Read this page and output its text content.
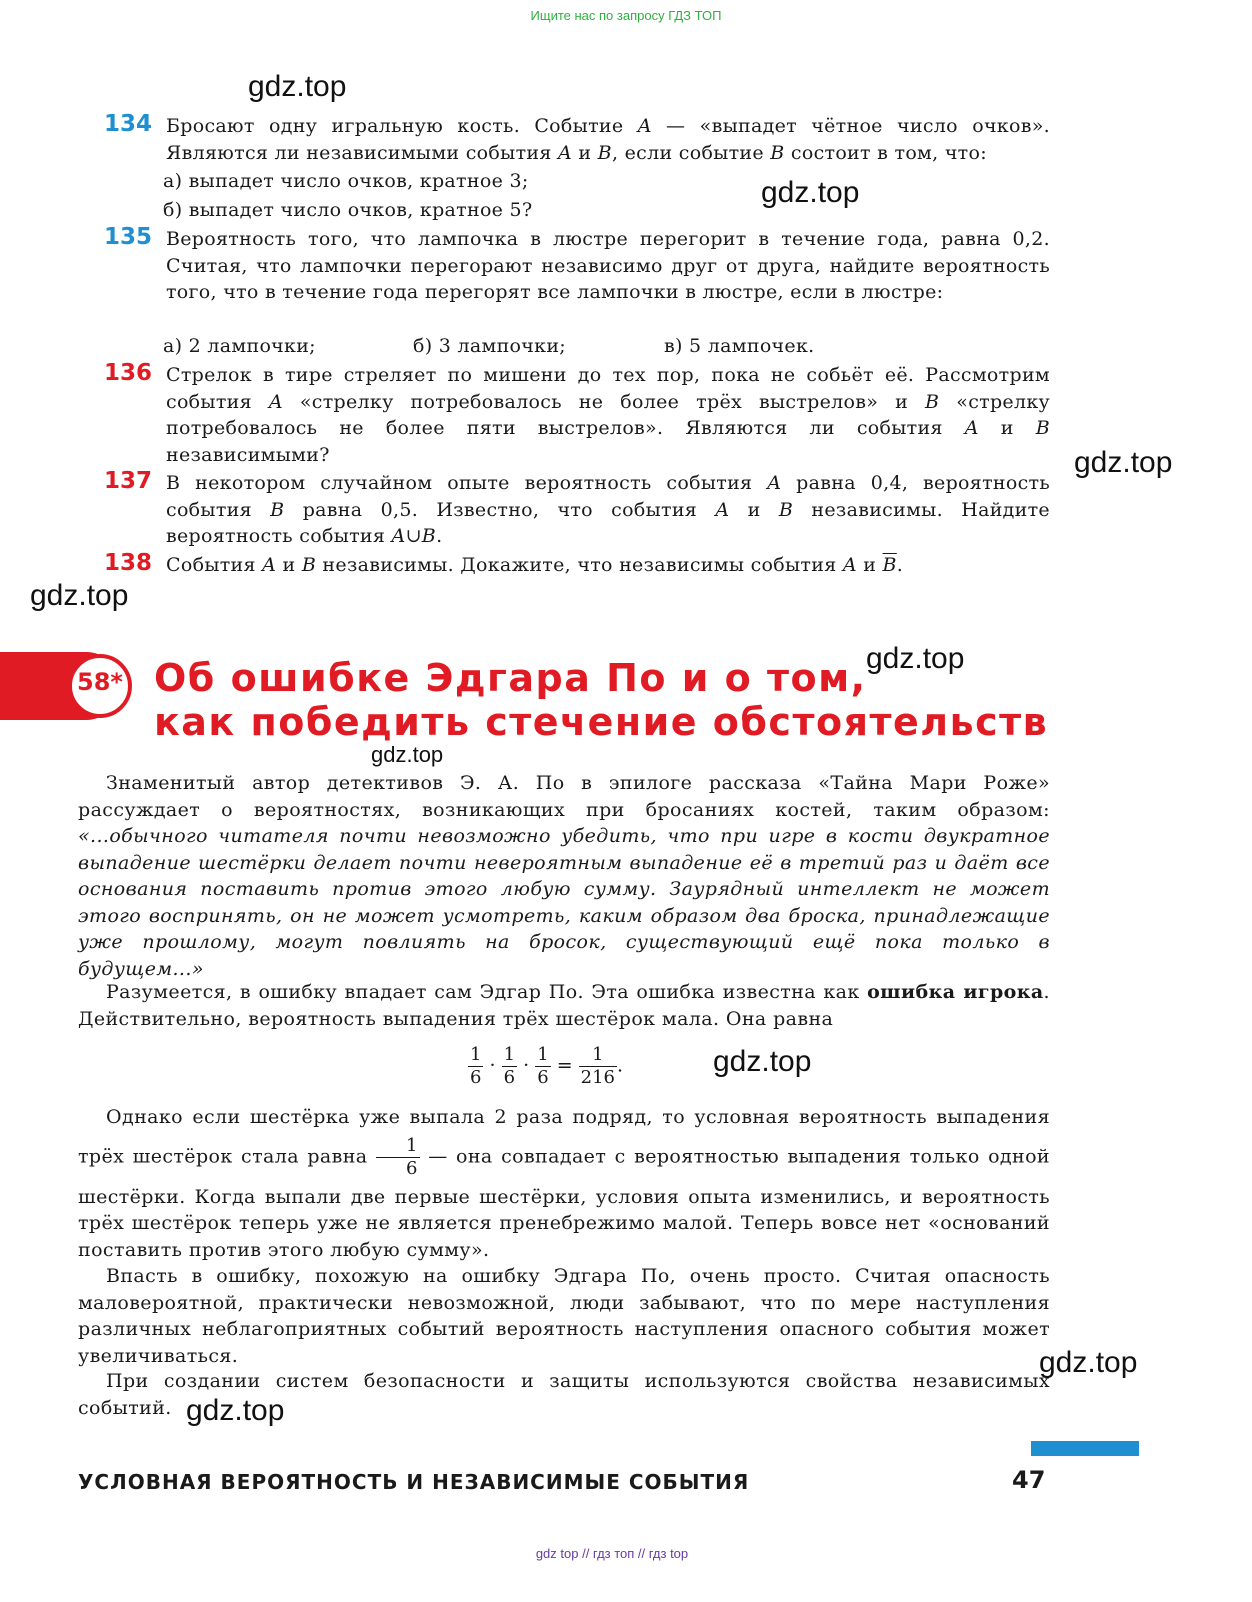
Ищите нас по запросу ГДЗ ТОП
gdz.top
gdz.top
gdz.top
gdz.top
gdz.top
gdz.top
gdz.top
gdz.top
gdz.top
134 Бросают одну игральную кость. Событие A — «выпадет чётное число очков». Являются ли независимыми события A и B, если событие B состоит в том, что:
а) выпадет число очков, кратное 3;
б) выпадет число очков, кратное 5?
135 Вероятность того, что лампочка в люстре перегорит в течение года, равна 0,2. Считая, что лампочки перегорают независимо друг от друга, найдите вероятность того, что в течение года перегорят все лампочки в люстре, если в люстре:
а) 2 лампочки;	б) 3 лампочки;	в) 5 лампочек.
136 Стрелок в тире стреляет по мишени до тех пор, пока не собьёт её. Рассмотрим события A «стрелку потребовалось не более трёх выстрелов» и B «стрелку потребовалось не более пяти выстрелов». Являются ли события A и B независимыми?
137 В некотором случайном опыте вероятность события A равна 0,4, вероятность события B равна 0,5. Известно, что события A и B независимы. Найдите вероятность события A∪B.
138 События A и B независимы. Докажите, что независимы события A и $\overline{B}$.
58* Об ошибке Эдгара По и о том,
как победить стечение обстоятельств
Знаменитый автор детективов Э. А. По в эпилоге рассказа «Тайна Мари Роже» рассуждает о вероятностях, возникающих при бросаниях костей, таким образом: «...обычного читателя почти невозможно убедить, что при игре в кости двукратное выпадение шестёрки делает почти невероятным выпадение её в третий раз и даёт все основания поставить против этого любую сумму. Заурядный интеллект не может этого воспринять, он не может усмотреть, каким образом два броска, принадлежащие уже прошлому, могут повлиять на бросок, существующий ещё пока только в будущем...»
Разумеется, в ошибку впадает сам Эдгар По. Эта ошибка известна как ошибка игрока. Действительно, вероятность выпадения трёх шестёрок мала. Она равна
$\frac{1}{6} \cdot \frac{1}{6} \cdot \frac{1}{6} = \frac{1}{216}$ .
Однако если шестёрка уже выпала 2 раза подряд, то условная вероятность выпадения трёх шестёрок стала равна $\frac{1}{6}$ — она совпадает с вероятностью выпадения только одной шестёрки. Когда выпали две первые шестёрки, условия опыта изменились, и вероятность трёх шестёрок теперь уже не является пренебрежимо малой. Теперь вовсе нет «оснований поставить против этого любую сумму».
Впасть в ошибку, похожую на ошибку Эдгара По, очень просто. Считая опасность маловероятной, практически невозможной, люди забывают, что по мере наступления различных неблагоприятных событий вероятность наступления опасного события может увеличиваться.
При создании систем безопасности и защиты используются свойства независимых событий.
УСЛОВНАЯ ВЕРОЯТНОСТЬ И НЕЗАВИСИМЫЕ СОБЫТИЯ	47
gdz top // гдз топ // гдз top
